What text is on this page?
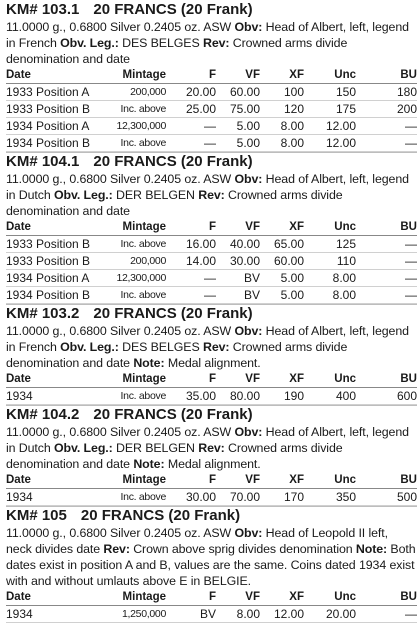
KM# 103.1 20 FRANCS (20 Frank)
11.0000 g., 0.6800 Silver 0.2405 oz. ASW Obv: Head of Albert, left, legend in French Obv. Leg.: DES BELGES Rev: Crowned arms divide denomination and date
Date	Mintage	F	VF	XF	Unc	BU
1933 Position A	200,000	20.00	60.00	100	150	180
1933 Position B	Inc. above	25.00	75.00	120	175	200
1934 Position A	12,300,000	—	5.00	8.00	12.00	—
1934 Position B	Inc. above	—	5.00	8.00	12.00	—
KM# 104.1 20 FRANCS (20 Frank)
11.0000 g., 0.6800 Silver 0.2405 oz. ASW Obv: Head of Albert, left, legend in Dutch Obv. Leg.: DER BELGEN Rev: Crowned arms divide denomination and date
Date	Mintage	F	VF	XF	Unc	BU
1933 Position B	Inc. above	16.00	40.00	65.00	125	—
1933 Position B	200,000	14.00	30.00	60.00	110	—
1934 Position A	12,300,000	—	BV	5.00	8.00	—
1934 Position B	Inc. above	—	BV	5.00	8.00	—
KM# 103.2 20 FRANCS (20 Frank)
11.0000 g., 0.6800 Silver 0.2405 oz. ASW Obv: Head of Albert, left, legend in French Obv. Leg.: DES BELGES Rev: Crowned arms divide denomination and date Note: Medal alignment.
Date	Mintage	F	VF	XF	Unc	BU
1934	Inc. above	35.00	80.00	190	400	600
KM# 104.2 20 FRANCS (20 Frank)
11.0000 g., 0.6800 Silver 0.2405 oz. ASW Obv: Head of Albert, left, legend in Dutch Obv. Leg.: DER BELGEN Rev: Crowned arms divide denomination and date Note: Medal alignment.
Date	Mintage	F	VF	XF	Unc	BU
1934	Inc. above	30.00	70.00	170	350	500
KM# 105 20 FRANCS (20 Frank)
11.0000 g., 0.6800 Silver 0.2405 oz. ASW Obv: Head of Leopold II left, neck divides date Rev: Crown above sprig divides denomination Note: Both dates exist in position A and B, values are the same. Coins dated 1934 exist with and without umlauts above E in BELGIE.
Date	Mintage	F	VF	XF	Unc	BU
1934	1,250,000	BV	8.00	12.00	20.00	—
